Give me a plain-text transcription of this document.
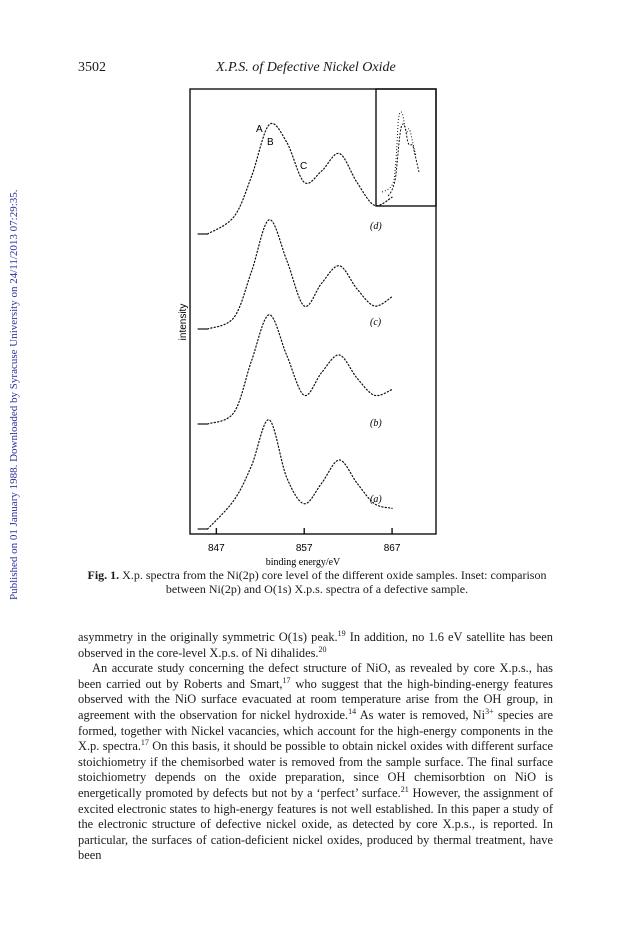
Published on 01 January 1988. Downloaded by Syracuse University on 24/11/2013 07:29:35.
3502	X.P.S. of Defective Nickel Oxide
intensity
847	857	867
binding energy/eV
A
B
C
(d)
(c)
(b)
(a)
Fig. 1. X.p. spectra from the Ni(2p) core level of the different oxide samples. Inset: comparison between Ni(2p) and O(1s) X.p.s. spectra of a defective sample.

asymmetry in the originally symmetric O(1s) peak.$^{19}$ In addition, no 1.6 eV satellite has been observed in the core-level X.p.s. of Ni dihalides.$^{20}$

An accurate study concerning the defect structure of NiO, as revealed by core X.p.s., has been carried out by Roberts and Smart,$^{17}$ who suggest that the high-binding-energy features observed with the NiO surface evacuated at room temperature arise from the OH group, in agreement with the observation for nickel hydroxide.$^{14}$ As water is removed, $Ni^{3+}$ species are formed, together with Nickel vacancies, which account for the high-energy components in the X.p. spectra.$^{17}$ On this basis, it should be possible to obtain nickel oxides with different surface stoichiometry if the chemisorbed water is removed from the sample surface. The final surface stoichiometry depends on the oxide preparation, since OH chemisorbtion on NiO is energetically promoted by defects but not by a ‘perfect’ surface.$^{21}$ However, the assignment of excited electronic states to high-energy features is not well established. In this paper a study of the electronic structure of defective nickel oxide, as detected by core X.p.s., is reported. In particular, the surfaces of cation-deficient nickel oxides, produced by thermal treatment, have been
